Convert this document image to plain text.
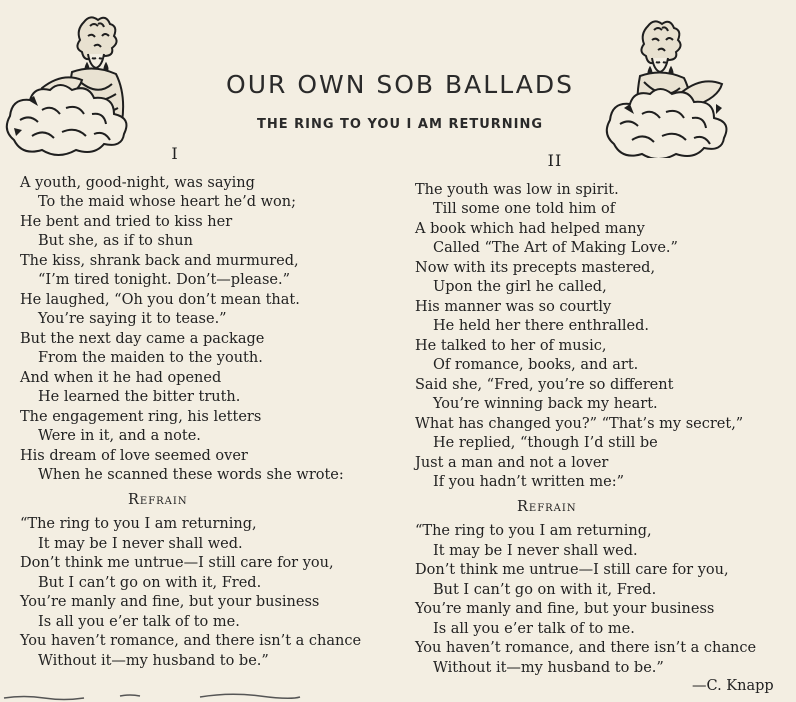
OUR OWN SOB BALLADS
THE RING TO YOU I AM RETURNING
I
A youth, good-night, was saying
To the maid whose heart he’d won;
He bent and tried to kiss her
But she, as if to shun
The kiss, shrank back and murmured,
“I’m tired tonight. Don’t—please.”
He laughed, “Oh you don’t mean that.
You’re saying it to tease.”
But the next day came a package
From the maiden to the youth.
And when it he had opened
He learned the bitter truth.
The engagement ring, his letters
Were in it, and a note.
His dream of love seemed over
When he scanned these words she wrote:
Refrain
“The ring to you I am returning,
It may be I never shall wed.
Don’t think me untrue—I still care for you,
But I can’t go on with it, Fred.
You’re manly and fine, but your business
Is all you e’er talk of to me.
You haven’t romance, and there isn’t a chance
Without it—my husband to be.”
II
The youth was low in spirit.
Till some one told him of
A book which had helped many
Called “The Art of Making Love.”
Now with its precepts mastered,
Upon the girl he called,
His manner was so courtly
He held her there enthralled.
He talked to her of music,
Of romance, books, and art.
Said she, “Fred, you’re so different
You’re winning back my heart.
What has changed you?” “That’s my secret,”
He replied, “though I’d still be
Just a man and not a lover
If you hadn’t written me:”
Refrain
“The ring to you I am returning,
It may be I never shall wed.
Don’t think me untrue—I still care for you,
But I can’t go on with it, Fred.
You’re manly and fine, but your business
Is all you e’er talk of to me.
You haven’t romance, and there isn’t a chance
Without it—my husband to be.”
—C. Knapp
